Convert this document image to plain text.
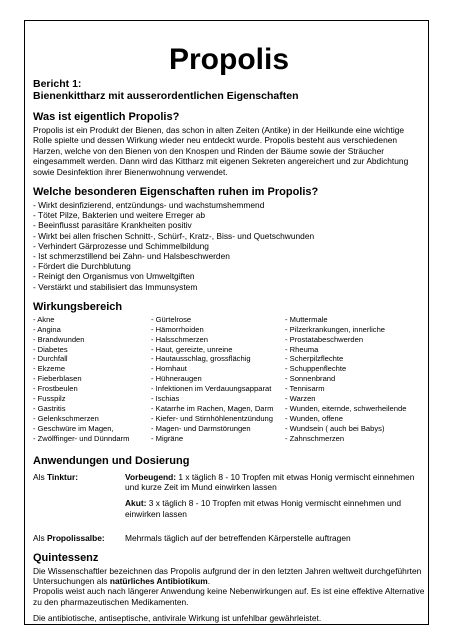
Propolis
Bericht 1:
Bienenkittharz mit ausserordentlichen Eigenschaften
Was ist eigentlich Propolis?

Propolis ist ein Produkt der Bienen, das schon in alten Zeiten (Antike) in der Heilkunde eine wichtige Rolle spielte und dessen Wirkung wieder neu entdeckt wurde. Propolis besteht aus verschiedenen Harzen, welche von den Bienen von den Knospen und Rinden der Bäume sowie der Sträucher eingesammelt werden. Dann wird das Kittharz mit eigenen Sekreten angereichert und zur Abdichtung sowie Desinfektion ihrer Bienenwohnung verwendet.

Welche besonderen Eigenschaften ruhen im Propolis?
- Wirkt desinfizierend, entzündungs- und wachstumshemmend
- Tötet Pilze, Bakterien und weitere Erreger ab
- Beeinflusst parasitäre Krankheiten positiv
- Wirkt bei allen frischen Schnitt-, Schürf-, Kratz-, Biss- und Quetschwunden
- Verhindert Gärprozesse und Schimmelbildung
- Ist schmerzstillend bei Zahn- und Halsbeschwerden
- Fördert die Durchblutung
- Reinigt den Organismus von Umweltgiften
- Verstärkt und stabilisiert das Immunsystem
Wirkungsbereich
- Akne
- Angina
- Brandwunden
- Diabetes
- Durchfall
- Ekzeme
- Fieberblasen
- Frostbeulen
- Fusspilz
- Gastritis
- Gelenkschmerzen
- Geschwüre im Magen,
- Zwölffinger- und Dünndarm
- Gürtelrose
- Hämorrhoiden
- Halsschmerzen
- Haut, gereizte, unreine
- Hautausschlag, grossflächig
- Hornhaut
- Hühneraugen
- Infektionen im Verdauungsapparat
- Ischias
- Katarrhe im Rachen, Magen, Darm
- Kiefer- und Stirnhöhlenentzündung
- Magen- und Darmstörungen
- Migräne
- Muttermale
- Pilzerkrankungen, innerliche
- Prostatabeschwerden
- Rheuma
- Scherpilzflechte
- Schuppenflechte
- Sonnenbrand
- Tennisarm
- Warzen
- Wunden, eiternde, schwerheilende
- Wunden, offene
- Wundsein ( auch bei Babys)
- Zahnschmerzen
Anwendungen und Dosierung
Als Tinktur:	Vorbeugend: 1 x täglich 8 - 10 Tropfen mit etwas Honig vermischt einnehmen und kurze Zeit im Mund einwirken lassen
Akut: 3 x täglich 8 - 10 Tropfen mit etwas Honig vermischt einnehmen und einwirken lassen
Als Propolissalbe:	Mehrmals täglich auf der betreffenden Kärperstelle auftragen
Quintessenz

Die Wissenschaftler bezeichnen das Propolis aufgrund der in den letzten Jahren weltweit durchgeführten Untersuchungen als natürliches Antibiotikum.

Propolis weist auch nach längerer Anwendung keine Nebenwirkungen auf. Es ist eine effektive Alternative zu den pharmazeutischen Medikamenten.

Die antibiotische, antiseptische, antivirale Wirkung ist unfehlbar gewährleistet.
